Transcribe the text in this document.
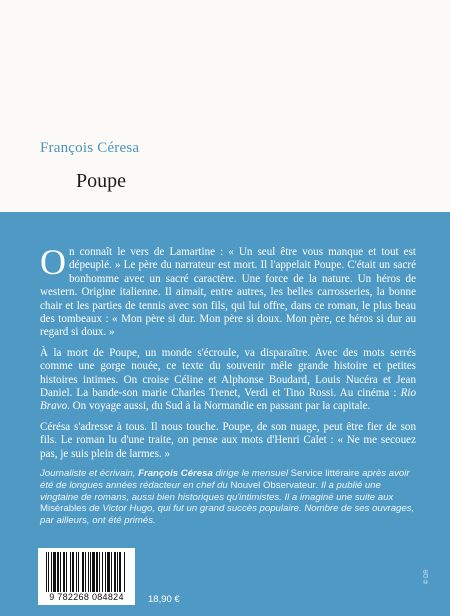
François Céresa
Poupe

On connaît le vers de Lamartine : « Un seul être vous manque et tout est dépeuplé. » Le père du narrateur est mort. Il l'appelait Poupe. C'était un sacré bonhomme avec un sacré caractère. Une force de la nature. Un héros de western. Origine italienne. Il aimait, entre autres, les belles carrosseries, la bonne chair et les parties de tennis avec son fils, qui lui offre, dans ce roman, le plus beau des tombeaux : « Mon père si dur. Mon père si doux. Mon père, ce héros si dur au regard si doux. »

À la mort de Poupe, un monde s'écroule, va disparaître. Avec des mots serrés comme une gorge nouée, ce texte du souvenir mêle grande histoire et petites histoires intimes. On croise Céline et Alphonse Boudard, Louis Nucéra et Jean Daniel. La bande-son marie Charles Trenet, Verdi et Tino Rossi. Au cinéma : Rio Bravo. On voyage aussi, du Sud à la Normandie en passant par la capitale.

Cérésa s'adresse à tous. Il nous touche. Poupe, de son nuage, peut être fier de son fils. Le roman lu d'une traite, on pense aux mots d'Henri Calet : « Ne me secouez pas, je suis plein de larmes. »

Journaliste et écrivain, François Céresa dirige le mensuel Service littéraire après avoir été de longues années rédacteur en chef du Nouvel Observateur. Il a publié une vingtaine de romans, aussi bien historiques qu'intimistes. Il a imaginé une suite aux Misérables de Victor Hugo, qui fut un grand succès populaire. Nombre de ses ouvrages, par ailleurs, ont été primés.
9 782268 084824	18,90 €
© DR
